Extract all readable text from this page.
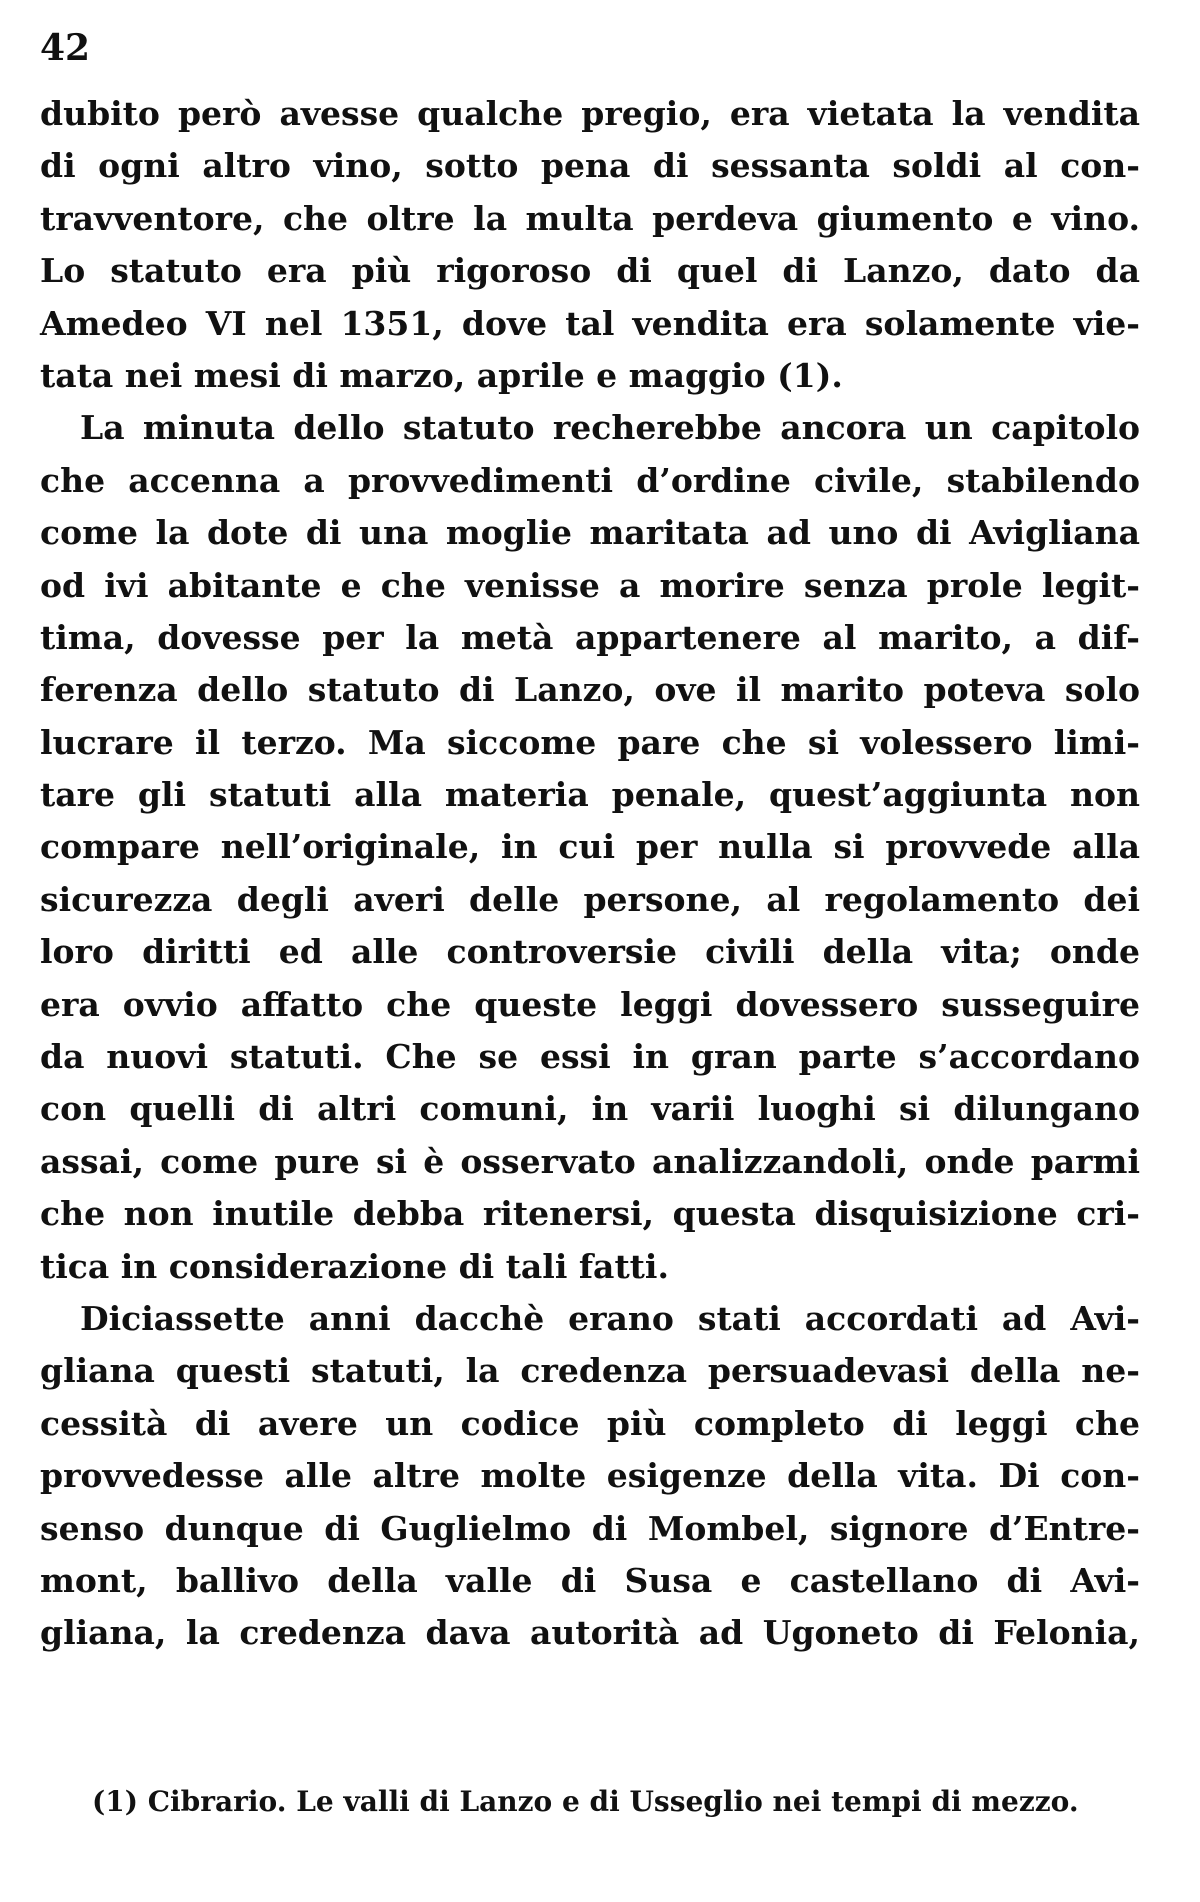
42
dubito però avesse qualche pregio, era vietata la vendita
di ogni altro vino, sotto pena di sessanta soldi al con-
travventore, che oltre la multa perdeva giumento e vino.
Lo statuto era più rigoroso di quel di Lanzo, dato da
Amedeo VI nel 1351, dove tal vendita era solamente vie-
tata nei mesi di marzo, aprile e maggio (1).
La minuta dello statuto recherebbe ancora un capitolo
che accenna a provvedimenti d’ordine civile, stabilendo
come la dote di una moglie maritata ad uno di Avigliana
od ivi abitante e che venisse a morire senza prole legit-
tima, dovesse per la metà appartenere al marito, a dif-
ferenza dello statuto di Lanzo, ove il marito poteva solo
lucrare il terzo. Ma siccome pare che si volessero limi-
tare gli statuti alla materia penale, quest’aggiunta non
compare nell’originale, in cui per nulla si provvede alla
sicurezza degli averi delle persone, al regolamento dei
loro diritti ed alle controversie civili della vita; onde
era ovvio affatto che queste leggi dovessero susseguire
da nuovi statuti. Che se essi in gran parte s’accordano
con quelli di altri comuni, in varii luoghi si dilungano
assai, come pure si è osservato analizzandoli, onde parmi
che non inutile debba ritenersi, questa disquisizione cri-
tica in considerazione di tali fatti.
Diciassette anni dacchè erano stati accordati ad Avi-
gliana questi statuti, la credenza persuadevasi della ne-
cessità di avere un codice più completo di leggi che
provvedesse alle altre molte esigenze della vita. Di con-
senso dunque di Guglielmo di Mombel, signore d’Entre-
mont, ballivo della valle di Susa e castellano di Avi-
gliana, la credenza dava autorità ad Ugoneto di Felonia,
(1) Cibrario. Le valli di Lanzo e di Usseglio nei tempi di mezzo.
